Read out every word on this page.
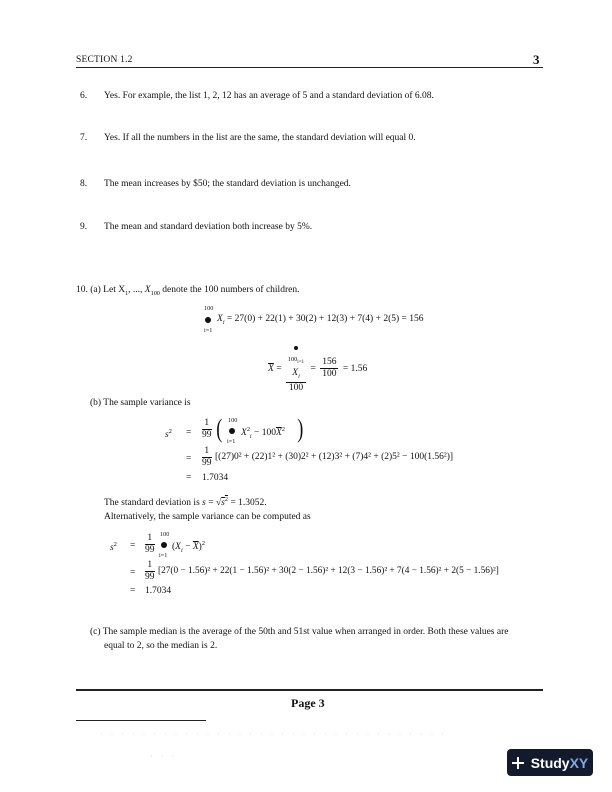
SECTION 1.2	3
6. Yes. For example, the list 1, 2, 12 has an average of 5 and a standard deviation of 6.08.
7. Yes. If all the numbers in the list are the same, the standard deviation will equal 0.
8. The mean increases by $50; the standard deviation is unchanged.
9. The mean and standard deviation both increase by 5%.
10. (a) Let $X_1$, ..., $X_{100}$ denote the 100 numbers of children.
100
i=1
$X_i = 27(0) + 22(1) + 30(2) + 12(3) + 7(4) + 2(5) = 156$
$\overline{X} = 100_{i=1}$
$X_i$
$100 = \frac{156}{100} = 1.56$
(b) The sample variance is
$s^2 = \frac{1}{99}$ ( 100
i=1
$X^2_i - 100\overline{X}^2$ )
= $\frac{1}{99} [(27)0^2 + (22)1^2 + (30)2^2 + (12)3^2 + (7)4^2 + (2)5^2 - 100(1.56^2)]$
= 1.7034
The standard deviation is $s = √s^2 = 1.3052$.
Alternatively, the sample variance can be computed as
$s^2 = \frac{1}{99} 100$
i=1
$(X_i - \overline{X})^2$
= $\frac{1}{99} [27(0 - 1.56)^2 + 22(1 - 1.56)^2 + 30(2 - 1.56)^2 + 12(3 - 1.56)^2 + 7(4 - 1.56)^2 + 2(5 - 1.56)^2]$
= 1.7034
(c) The sample median is the average of the 50th and 51st value when arranged in order. Both these values are
equal to 2, so the median is 2.
Page 3
· · · · · · · · · · · · · · · · · · · · · · · · · · · · · · · · ·
· · ·	StudyXY
